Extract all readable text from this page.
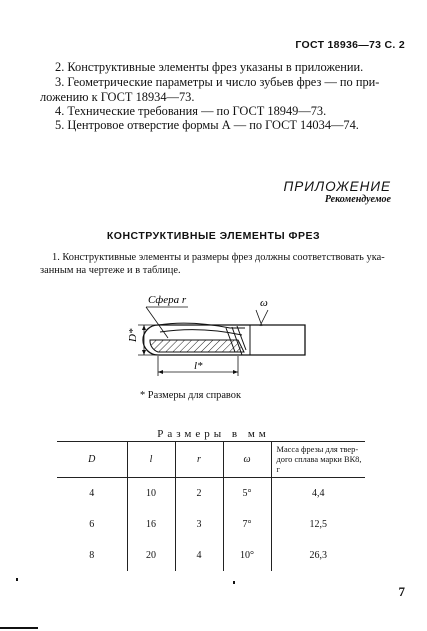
ГОСТ 18936—73 С. 2
2. Конструктивные элементы фрез указаны в приложении.
3. Геометрические параметры и число зубьев фрез — по при-
ложению к ГОСТ 18934—73.
4. Технические требования — по ГОСТ 18949—73.
5. Центровое отверстие формы А — по ГОСТ 14034—74.
ПРИЛОЖЕНИЕ
Рекомендуемое
КОНСТРУКТИВНЫЕ ЭЛЕМЕНТЫ ФРЕЗ
1. Конструктивные элементы и размеры фрез должны соответствовать ука-
занным на чертеже и в таблице.
Сфера r	ω
D*
l*
* Размеры для справок
Размеры в мм
D	l	r	ω	Масса фрезы для твер-
дого сплава марки ВК8, г

4	10	2	5°	4,4
6	16	3	7°	12,5
8	20	4	10°	26,3
7
